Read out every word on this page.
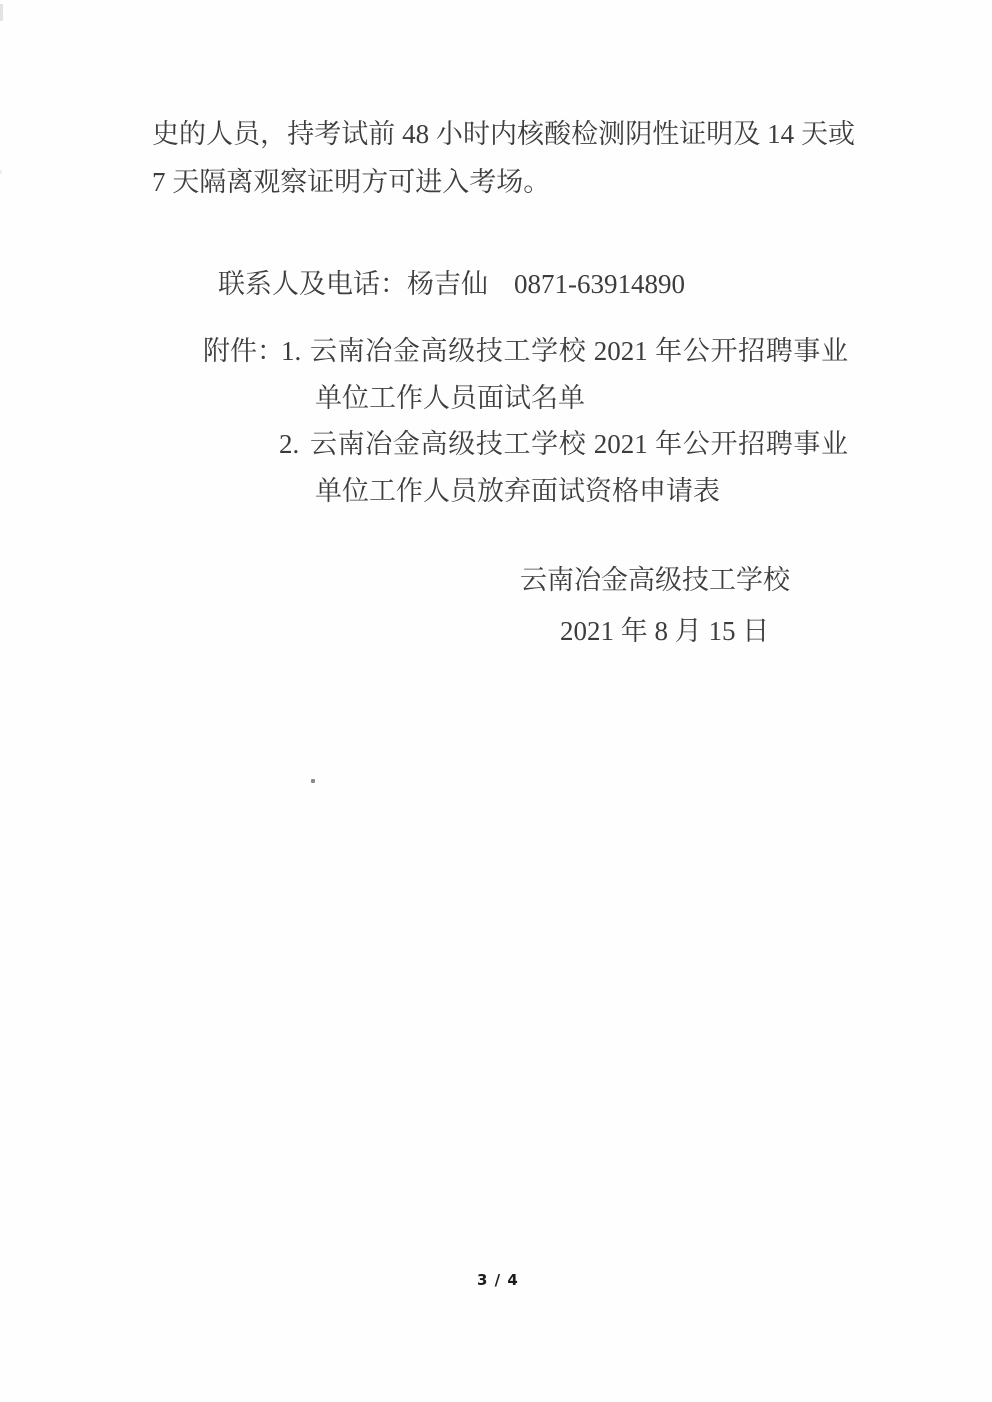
史的人员，持考试前 48 小时内核酸检测阴性证明及 14 天或
7 天隔离观察证明方可进入考场。

联系人及电话：杨吉仙 0871-63914890

附件：
1. 云南冶金高级技工学校 2021 年公开招聘事业
单位工作人员面试名单
2. 云南冶金高级技工学校 2021 年公开招聘事业
单位工作人员放弃面试资格申请表
云南冶金高级技工学校
2021 年 8 月 15 日
3 / 4
